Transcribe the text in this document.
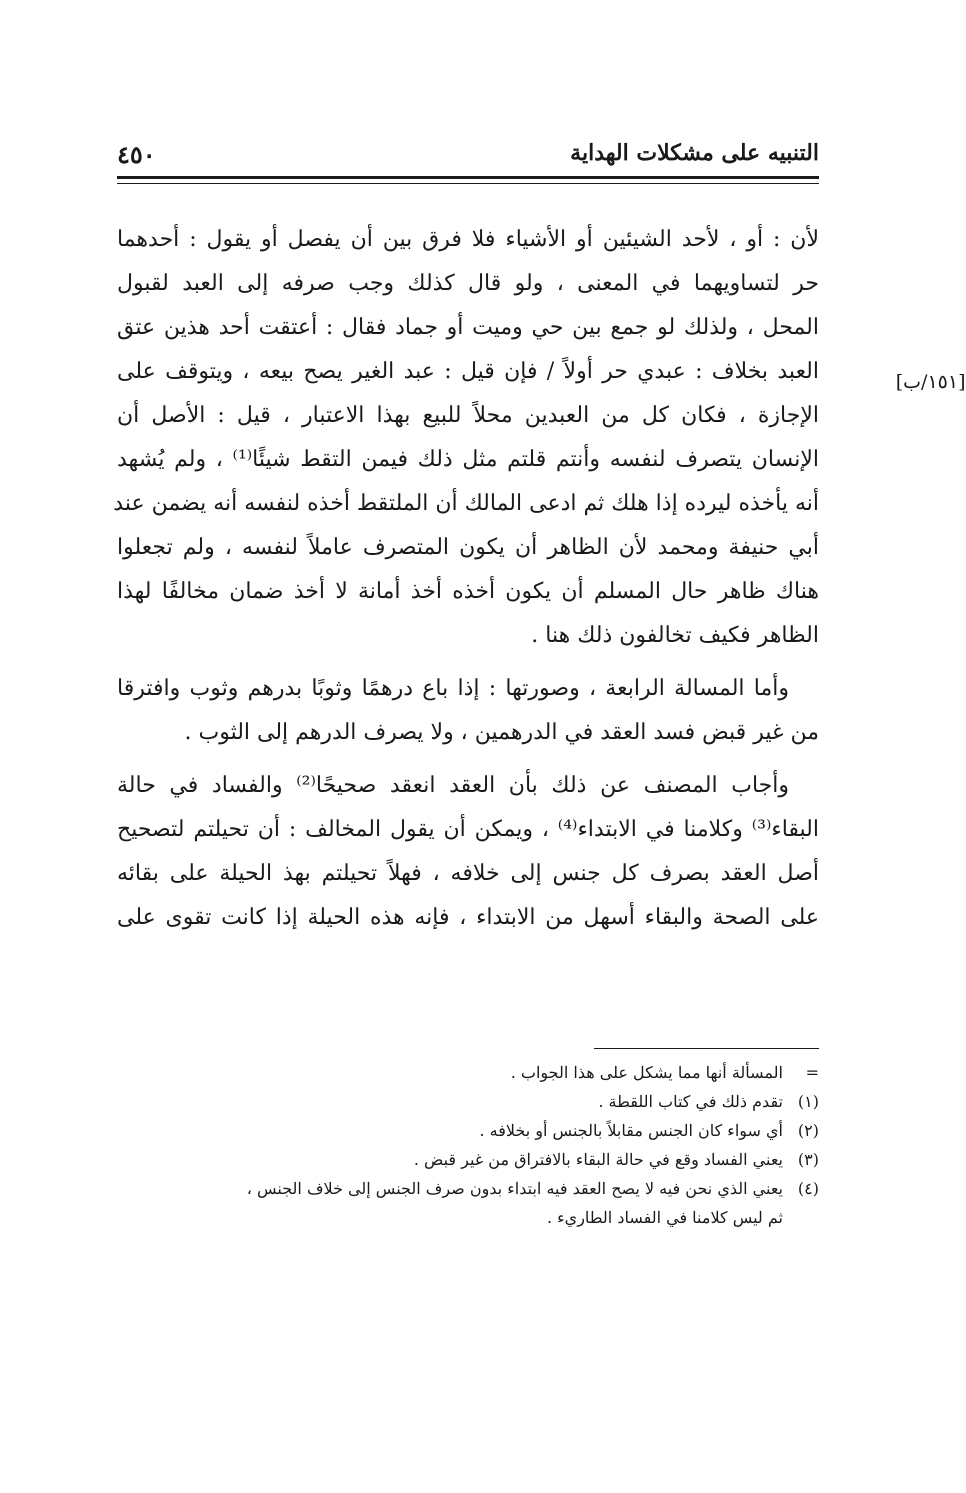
التنبيه على مشكلات الهداية
٤٥٠
[١٥١/ب]

لأن : أو ، لأحد الشيئين أو الأشياء فلا فرق بين أن يفصل أو يقول : أحدهما
حر لتساويهما في المعنى ، ولو قال كذلك وجب صرفه إلى العبد لقبول
المحل ، ولذلك لو جمع بين حي وميت أو جماد فقال : أعتقت أحد هذين عتق
العبد بخلاف : عبدي حر أولاً / فإن قيل : عبد الغير يصح بيعه ، ويتوقف على
الإجازة ، فكان كل من العبدين محلاً للبيع بهذا الاعتبار ، قيل : الأصل أن
الإنسان يتصرف لنفسه وأنتم قلتم مثل ذلك فيمن التقط شيئًا⁽¹⁾ ، ولم يُشهد
أنه يأخذه ليرده إذا هلك ثم ادعى المالك أن الملتقط أخذه لنفسه أنه يضمن عند
أبي حنيفة ومحمد لأن الظاهر أن يكون المتصرف عاملاً لنفسه ، ولم تجعلوا
هناك ظاهر حال المسلم أن يكون أخذه أخذ أمانة لا أخذ ضمان مخالفًا لهذا
الظاهر فكيف تخالفون ذلك هنا .

وأما المسالة الرابعة ، وصورتها : إذا باع درهمًا وثوبًا بدرهم وثوب وافترقا
من غير قبض فسد العقد في الدرهمين ، ولا يصرف الدرهم إلى الثوب .

وأجاب المصنف عن ذلك بأن العقد انعقد صحيحًا⁽²⁾ والفساد في حالة
البقاء⁽³⁾ وكلامنا في الابتداء⁽⁴⁾ ، ويمكن أن يقول المخالف : أن تحيلتم لتصحيح
أصل العقد بصرف كل جنس إلى خلافه ، فهلاً تحيلتم بهذ الحيلة على بقائه
على الصحة والبقاء أسهل من الابتداء ، فإنه هذه الحيلة إذا كانت تقوى على

=
المسألة أنها مما يشكل على هذا الجواب .
(١)
تقدم ذلك في كتاب اللقطة .
(٢)
أي سواء كان الجنس مقابلاً بالجنس أو بخلافه .
(٣)
يعني الفساد وقع في حالة البقاء بالافتراق من غير قبض .
(٤)
يعني الذي نحن فيه لا يصح العقد فيه ابتداء بدون صرف الجنس إلى خلاف الجنس ،
ثم ليس كلامنا في الفساد الطاريء .
